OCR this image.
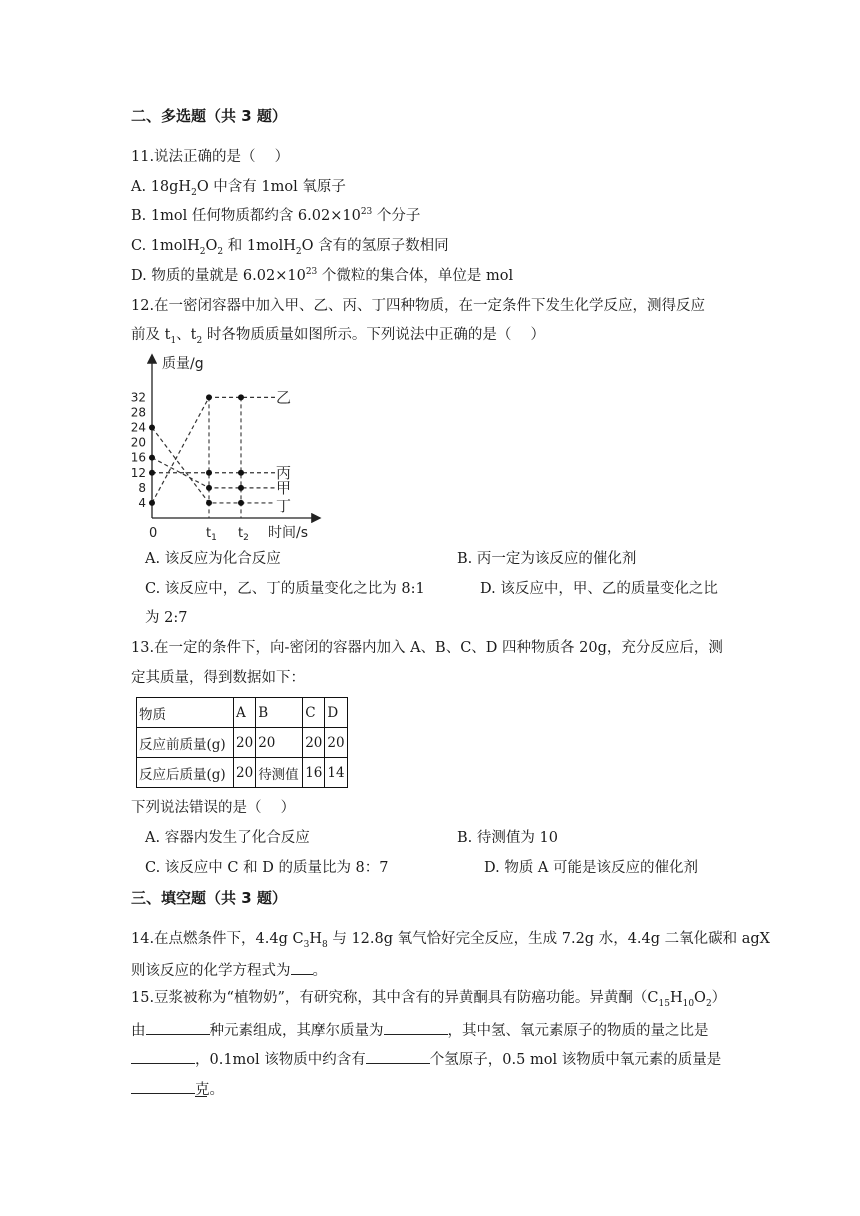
二、多选题（共 3 题）
11.说法正确的是（　 ）
A. $18gH_2O$ 中含有 1mol 氧原子
B. 1mol 任何物质都约含 $6.02\times 10^{23}$ 个分子
C. $1molH_2O_2$ 和 1molH$_2$O 含有的氢原子数相同
D. 物质的量就是 $6.02\times 10^{23}$ 个微粒的集合体，单位是 mol
12.在一密闭容器中加入甲、乙、丙、丁四种物质，在一定条件下发生化学反应，测得反应
前及 $t_1$、$t_2$ 时各物质质量如图所示。下列说法中正确的是（　 ）
质量/g
时间/s
4
8
12
16
20
24
28
32
0	$t_1$ $t_2$
乙
丙
甲
丁
A. 该反应为化合反应	B. 丙一定为该反应的催化剂
C. 该反应中，乙、丁的质量变化之比为 8:1	D. 该反应中，甲、乙的质量变化之比
为 2:7
13.在一定的条件下，向-密闭的容器内加入 A、B、C、D 四种物质各 20g，充分反应后，测
定其质量，得到数据如下：
物质	A	B	C	D
反应前质量(g)	20	20	20	20
反应后质量(g)	20	待测值	16	14
下列说法错误的是（　 ）
A. 容器内发生了化合反应	B. 待测值为 10
C. 该反应中 C 和 D 的质量比为 8：7	D. 物质 A 可能是该反应的催化剂
三、填空题（共 3 题）
14.在点燃条件下，4.4g $C_3H_8$ 与 12.8g 氧气恰好完全反应，生成 7.2g 水，4.4g 二氧化碳和 agX
则该反应的化学方程式为 。
15.豆浆被称为“植物奶”，有研究称，其中含有的异黄酮具有防癌功能。异黄酮$(C_{15}H_{10}O_2)$
由	种元素组成，其摩尔质量为	，其中氢、氧元素原子的物质的量之比是
，0.1mol 该物质中约含有	个氢原子，0.5 mol 该物质中氧元素的质量是
克。
